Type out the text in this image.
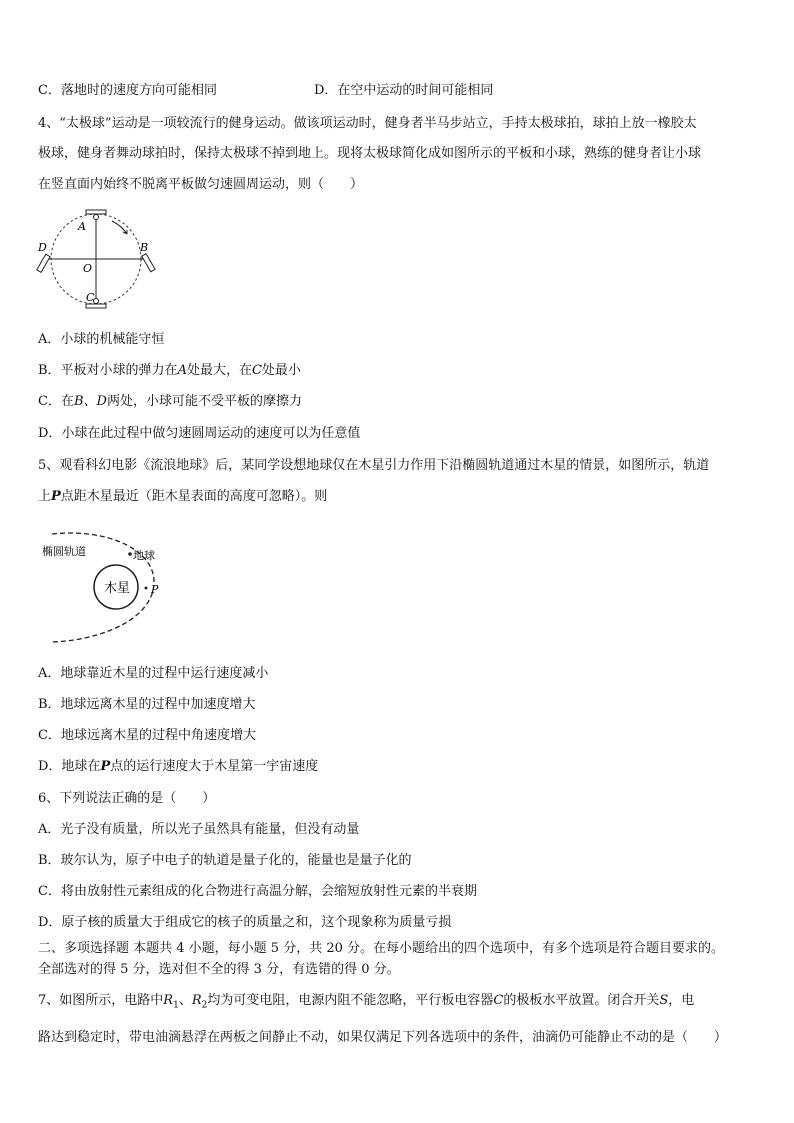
C．落地时的速度方向可能相同	D．在空中运动的时间可能相同
4、“太极球”运动是一项较流行的健身运动。做该项运动时，健身者半马步站立，手持太极球拍，球拍上放一橡胶太
极球，健身者舞动球拍时，保持太极球不掉到地上。现将太极球简化成如图所示的平板和小球，熟练的健身者让小球
在竖直面内始终不脱离平板做匀速圆周运动，则（　　）
A
B
C
D
O
A．小球的机械能守恒
B．平板对小球的弹力在A处最大，在C处最小
C．在B、D两处，小球可能不受平板的摩擦力
D．小球在此过程中做匀速圆周运动的速度可以为任意值
5、观看科幻电影《流浪地球》后，某同学设想地球仅在木星引力作用下沿椭圆轨道通过木星的情景，如图所示，轨道
上P点距木星最近（距木星表面的高度可忽略）。则
椭圆轨道	地球
木星 P
A．地球靠近木星的过程中运行速度减小
B．地球远离木星的过程中加速度增大
C．地球远离木星的过程中角速度增大
D．地球在P点的运行速度大于木星第一宇宙速度
6、下列说法正确的是（　　）
A．光子没有质量，所以光子虽然具有能量，但没有动量
B．玻尔认为，原子中电子的轨道是量子化的，能量也是量子化的
C．将由放射性元素组成的化合物进行高温分解，会缩短放射性元素的半衰期
D．原子核的质量大于组成它的核子的质量之和，这个现象称为质量亏损
二、多项选择题 本题共 4 小题，每小题 5 分，共 20 分。在每小题给出的四个选项中，有多个选项是符合题目要求的。
全部选对的得 5 分，选对但不全的得 3 分，有选错的得 0 分。
7、如图所示，电路中$R_1$、$R_2$均为可变电阻，电源内阻不能忽略，平行板电容器C的极板水平放置。闭合开关S，电
路达到稳定时，带电油滴悬浮在两板之间静止不动，如果仅满足下列各选项中的条件，油滴仍可能静止不动的是（　　）
